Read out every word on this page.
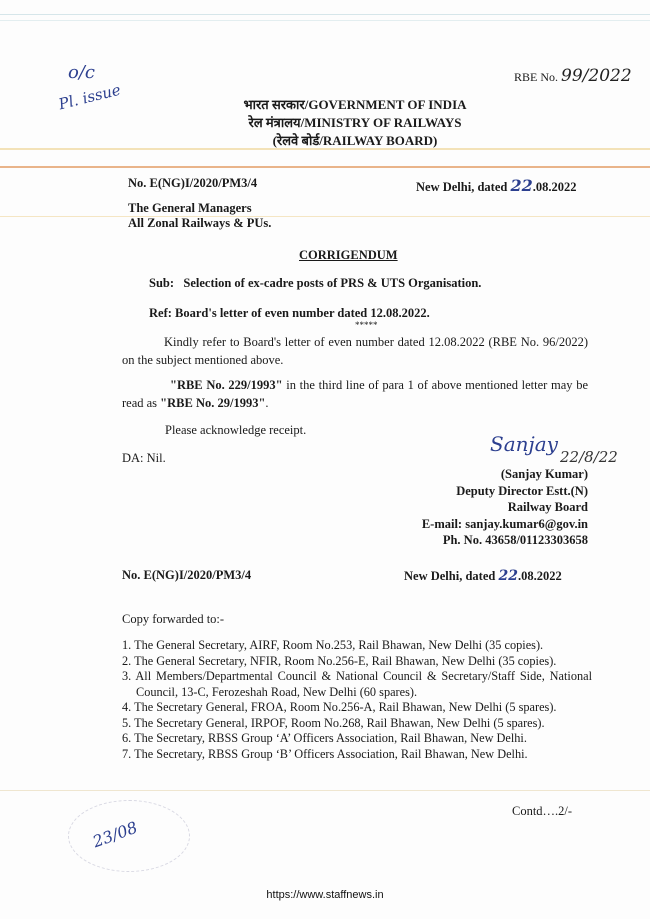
o/c
Pl. issue
RBE No. 99/2022
भारत सरकार/GOVERNMENT OF INDIA
रेल मंत्रालय/MINISTRY OF RAILWAYS
(रेलवे बोर्ड/RAILWAY BOARD)
No. E(NG)I/2020/PM3/4	New Delhi, dated 22.08.2022
The General Managers
All Zonal Railways & PUs.
CORRIGENDUM
Sub:   Selection of ex-cadre posts of PRS & UTS Organisation.
Ref: Board's letter of even number dated 12.08.2022.
*****
Kindly refer to Board's letter of even number dated 12.08.2022 (RBE No. 96/2022) on the subject mentioned above.
"RBE No. 229/1993" in the third line of para 1 of above mentioned letter may be read as "RBE No. 29/1993".
Please acknowledge receipt.
DA: Nil.
Sanjay
22/8/22
(Sanjay Kumar)
Deputy Director Estt.(N)
Railway Board
E-mail: sanjay.kumar6@gov.in
Ph. No. 43658/01123303658
No. E(NG)I/2020/PM3/4	New Delhi, dated 22.08.2022
Copy forwarded to:-
1. The General Secretary, AIRF, Room No.253, Rail Bhawan, New Delhi (35 copies).
2. The General Secretary, NFIR, Room No.256-E, Rail Bhawan, New Delhi (35 copies).
3. All Members/Departmental Council & National Council & Secretary/Staff Side, National Council, 13-C, Ferozeshah Road, New Delhi (60 spares).
4. The Secretary General, FROA, Room No.256-A, Rail Bhawan, New Delhi (5 spares).
5. The Secretary General, IRPOF, Room No.268, Rail Bhawan, New Delhi (5 spares).
6. The Secretary, RBSS Group ‘A’ Officers Association, Rail Bhawan, New Delhi.
7. The Secretary, RBSS Group ‘B’ Officers Association, Rail Bhawan, New Delhi.
Contd….2/-
23/08
https://www.staffnews.in
